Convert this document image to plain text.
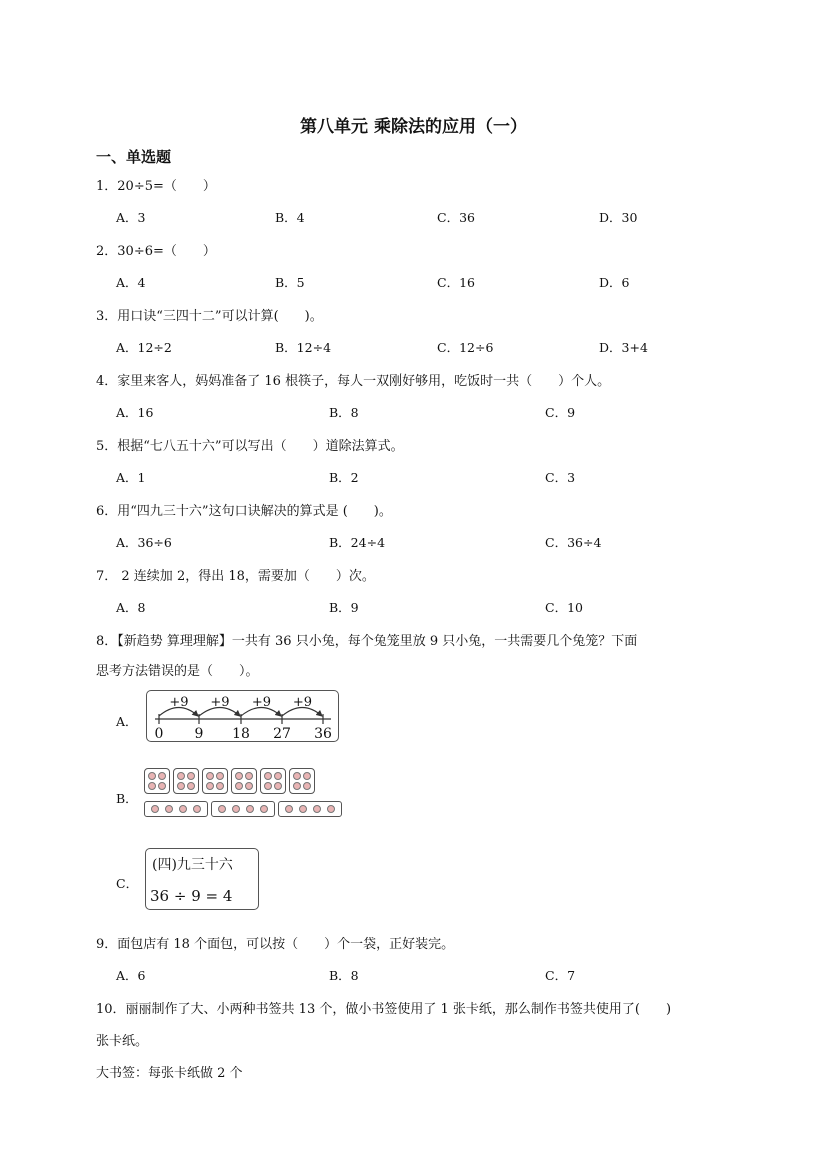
第八单元 乘除法的应用（一）
一、单选题
1．20÷5=（　　）
A．3	B．4	C．36	D．30
2．30÷6=（　　）
A．4	B．5	C．16	D．6
3．用口诀“三四十二”可以计算(　　)。
A．12÷2	B．12÷4	C．12÷6	D．3+4
4．家里来客人，妈妈准备了 16 根筷子，每人一双刚好够用，吃饭时一共（　　）个人。
A．16	B．8	C．9
5．根据“七八五十六”可以写出（　　）道除法算式。
A．1	B．2	C．3
6．用“四九三十六”这句口诀解决的算式是 (　　)。
A．36÷6	B．24÷4	C．36÷4
7． 2 连续加 2，得出 18，需要加（　　）次。
A．8	B．9	C．10
8．【新趋势 算理理解】一共有 36 只小兔，每个兔笼里放 9 只小兔，一共需要几个兔笼？下面
思考方法错误的是（　　）。
A．
0 9 18 27 36
+9 +9 +9 +9
B．
C．
(四)九三十六
36 ÷ 9 = 4
9．面包店有 18 个面包，可以按（　　）个一袋，正好装完。
A．6	B．8	C．7
10．丽丽制作了大、小两种书签共 13 个，做小书签使用了 1 张卡纸，那么制作书签共使用了(　　)
张卡纸。
大书签：每张卡纸做 2 个
